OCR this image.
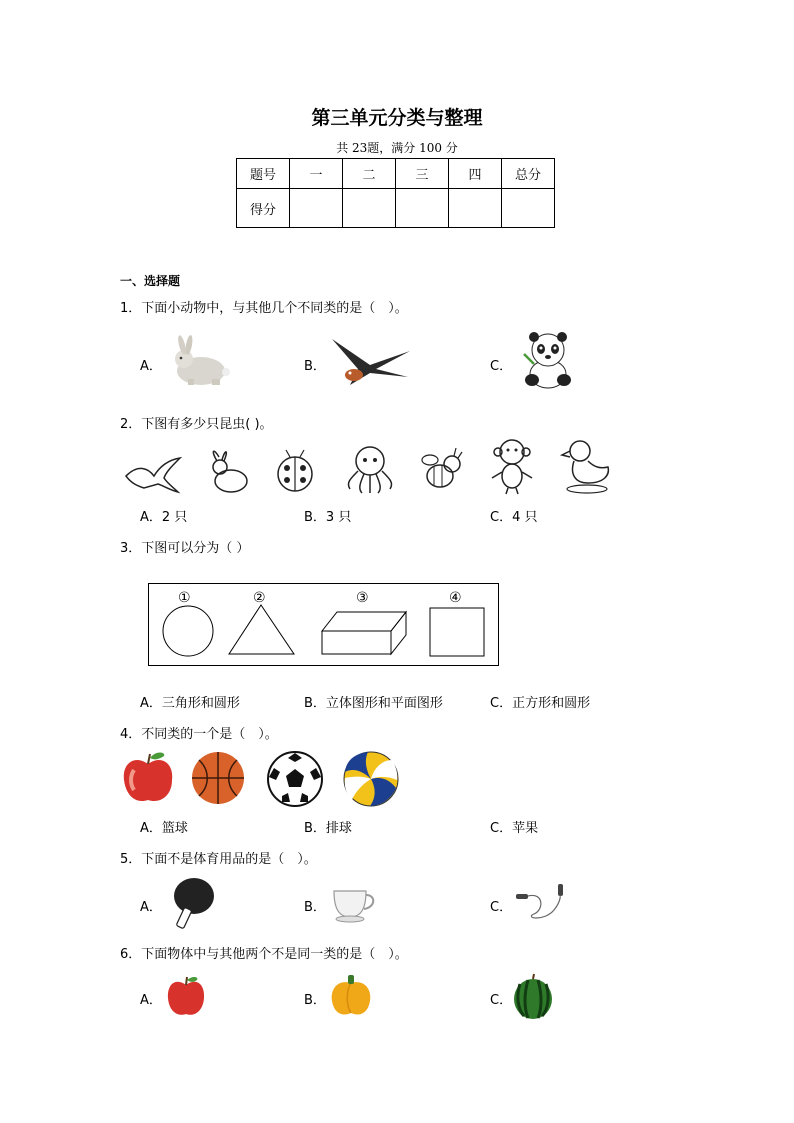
第三单元分类与整理
共 23题，满分 100 分
题号	一	二	三	四	总分
得分					
一、选择题
1．下面小动物中，与其他几个不同类的是（　）。
A．	B．	C．
2．下图有多少只昆虫( )。
A．2 只	B．3 只	C．4 只
3．下图可以分为（ ）
①	②	③	④
A．三角形和圆形	B．立体图形和平面图形	C．正方形和圆形
4．不同类的一个是（　）。
A．篮球	B．排球	C．苹果
5．下面不是体育用品的是（　）。
A．	B．	C．
6．下面物体中与其他两个不是同一类的是（　）。
A．	B．	C．
